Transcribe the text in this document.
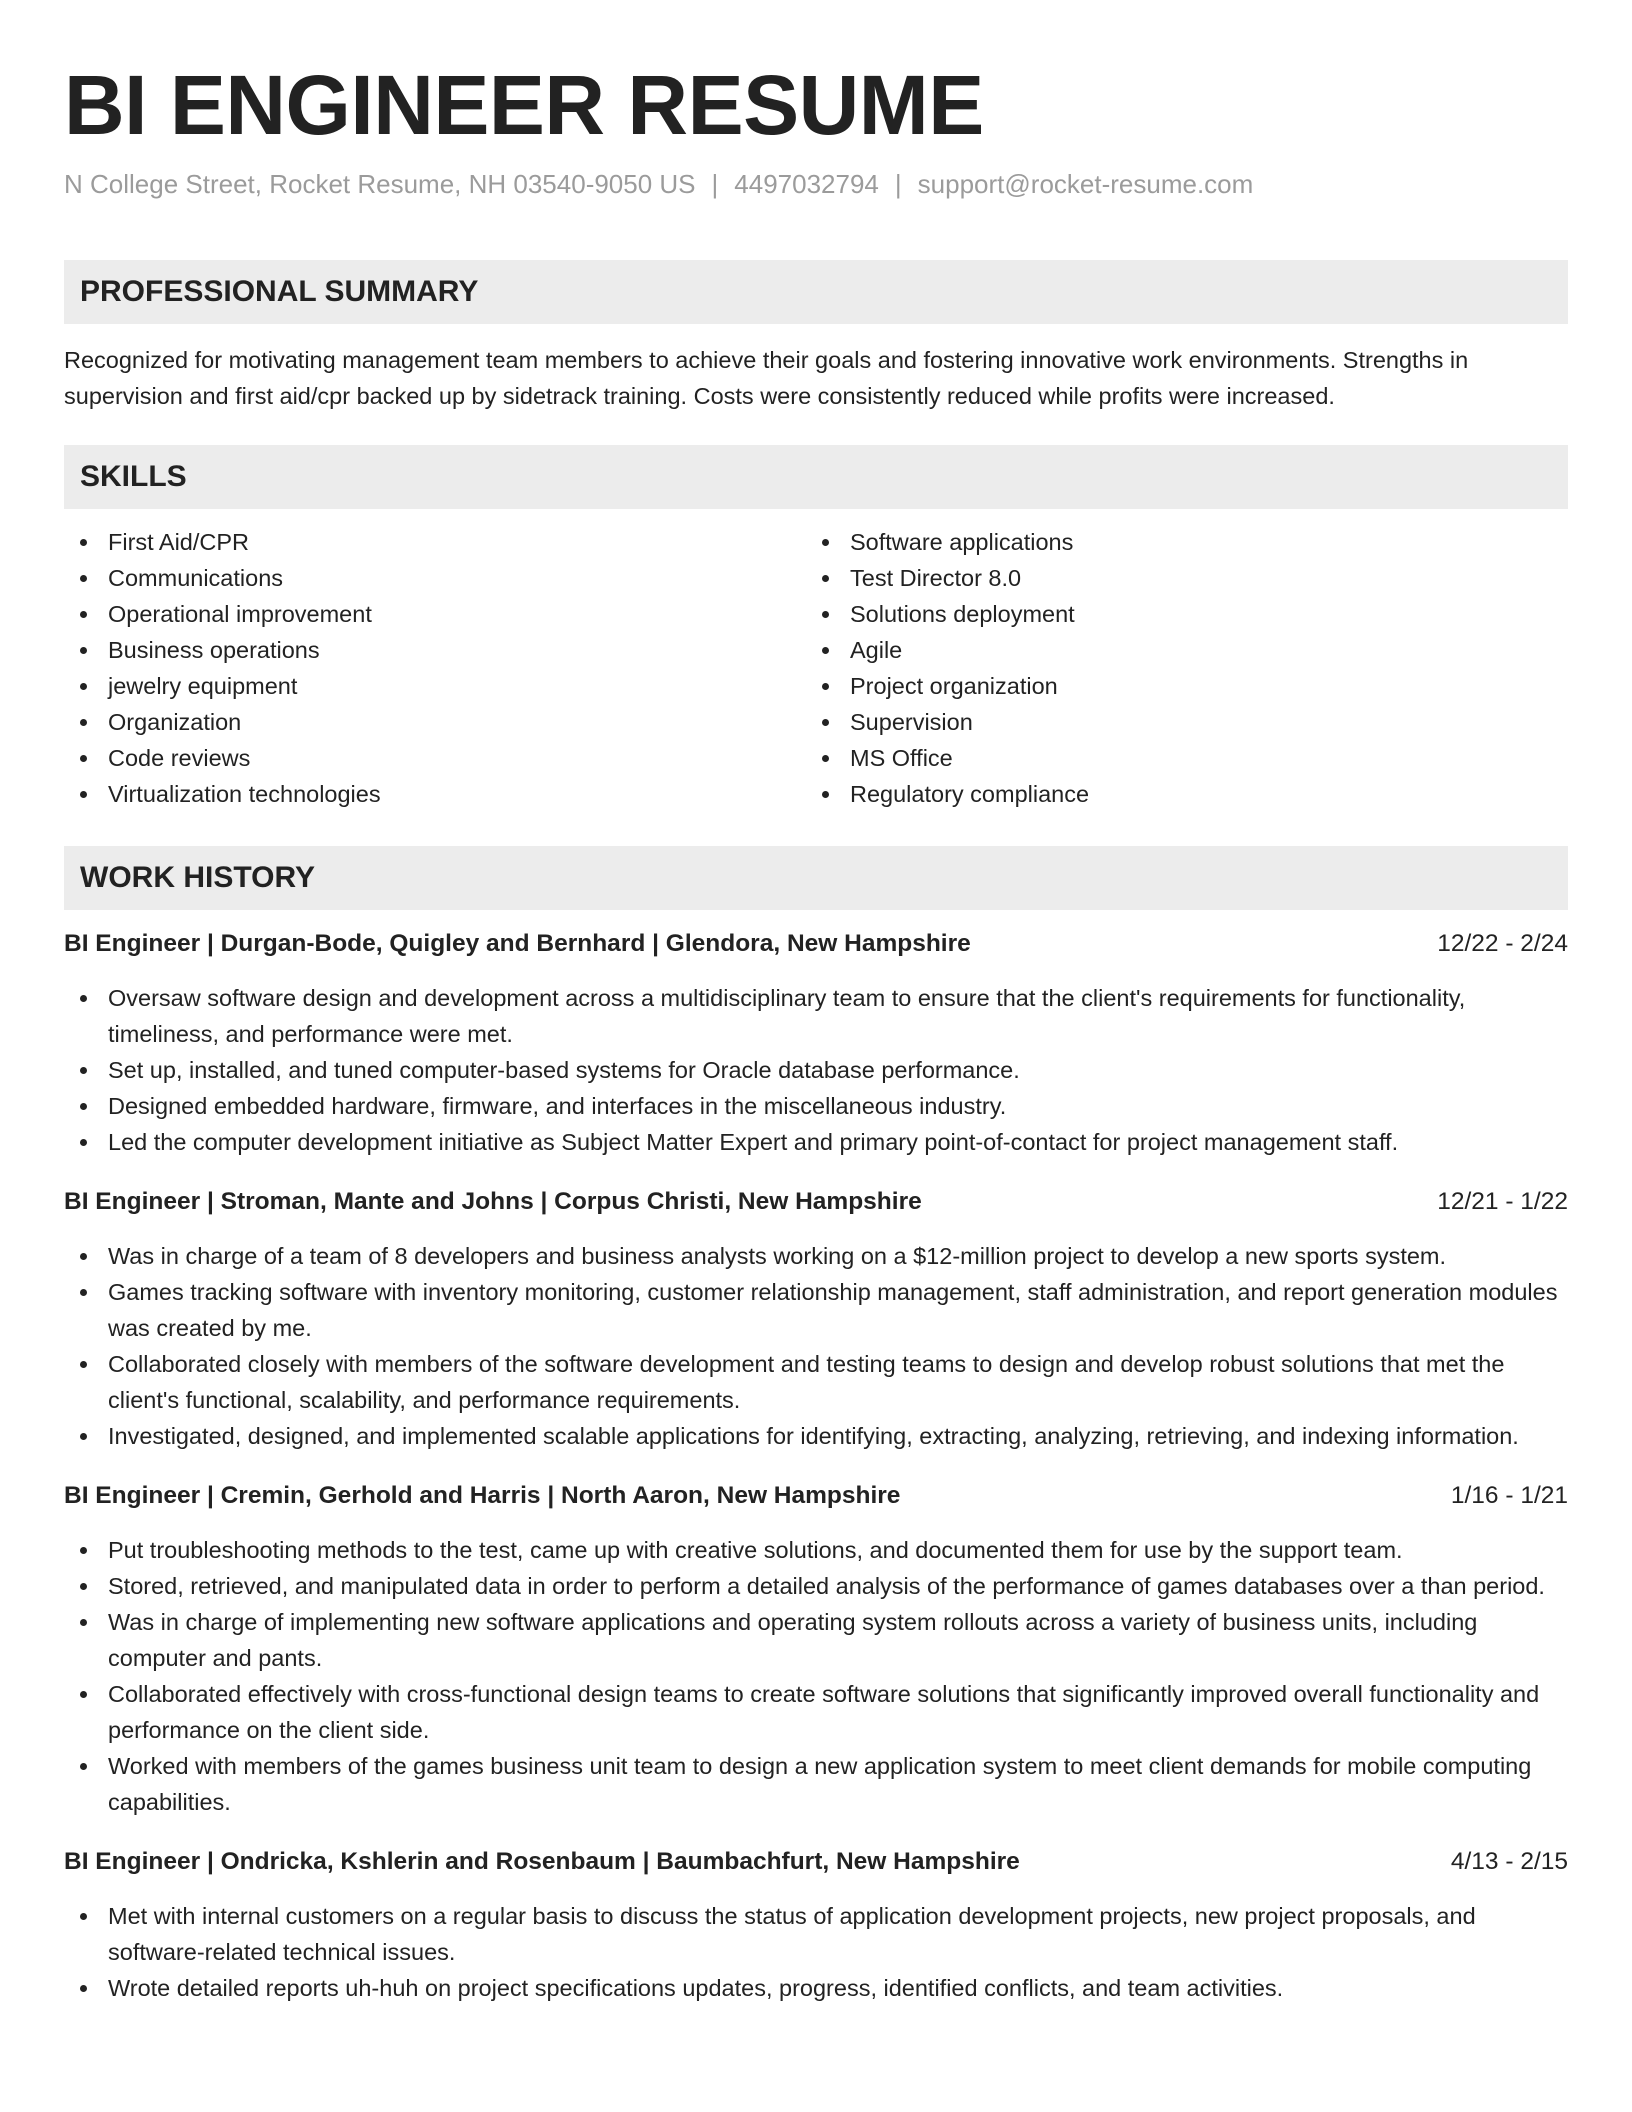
BI ENGINEER RESUME
N College Street, Rocket Resume, NH 03540-9050 US | 4497032794 | support@rocket-resume.com
PROFESSIONAL SUMMARY

Recognized for motivating management team members to achieve their goals and fostering innovative work environments. Strengths in supervision and first aid/cpr backed up by sidetrack training. Costs were consistently reduced while profits were increased.

SKILLS
First Aid/CPR
Communications
Operational improvement
Business operations
jewelry equipment
Organization
Code reviews
Virtualization technologies
Software applications
Test Director 8.0
Solutions deployment
Agile
Project organization
Supervision
MS Office
Regulatory compliance
WORK HISTORY
BI Engineer | Durgan-Bode, Quigley and Bernhard | Glendora, New Hampshire	12/22 - 2/24
Oversaw software design and development across a multidisciplinary team to ensure that the client's requirements for functionality, timeliness, and performance were met.
Set up, installed, and tuned computer-based systems for Oracle database performance.
Designed embedded hardware, firmware, and interfaces in the miscellaneous industry.
Led the computer development initiative as Subject Matter Expert and primary point-of-contact for project management staff.
BI Engineer | Stroman, Mante and Johns | Corpus Christi, New Hampshire	12/21 - 1/22
Was in charge of a team of 8 developers and business analysts working on a $12-million project to develop a new sports system.
Games tracking software with inventory monitoring, customer relationship management, staff administration, and report generation modules was created by me.
Collaborated closely with members of the software development and testing teams to design and develop robust solutions that met the client's functional, scalability, and performance requirements.
Investigated, designed, and implemented scalable applications for identifying, extracting, analyzing, retrieving, and indexing information.
BI Engineer | Cremin, Gerhold and Harris | North Aaron, New Hampshire	1/16 - 1/21
Put troubleshooting methods to the test, came up with creative solutions, and documented them for use by the support team.
Stored, retrieved, and manipulated data in order to perform a detailed analysis of the performance of games databases over a than period.
Was in charge of implementing new software applications and operating system rollouts across a variety of business units, including computer and pants.
Collaborated effectively with cross-functional design teams to create software solutions that significantly improved overall functionality and performance on the client side.
Worked with members of the games business unit team to design a new application system to meet client demands for mobile computing capabilities.
BI Engineer | Ondricka, Kshlerin and Rosenbaum | Baumbachfurt, New Hampshire	4/13 - 2/15
Met with internal customers on a regular basis to discuss the status of application development projects, new project proposals, and software-related technical issues.
Wrote detailed reports uh-huh on project specifications updates, progress, identified conflicts, and team activities.
